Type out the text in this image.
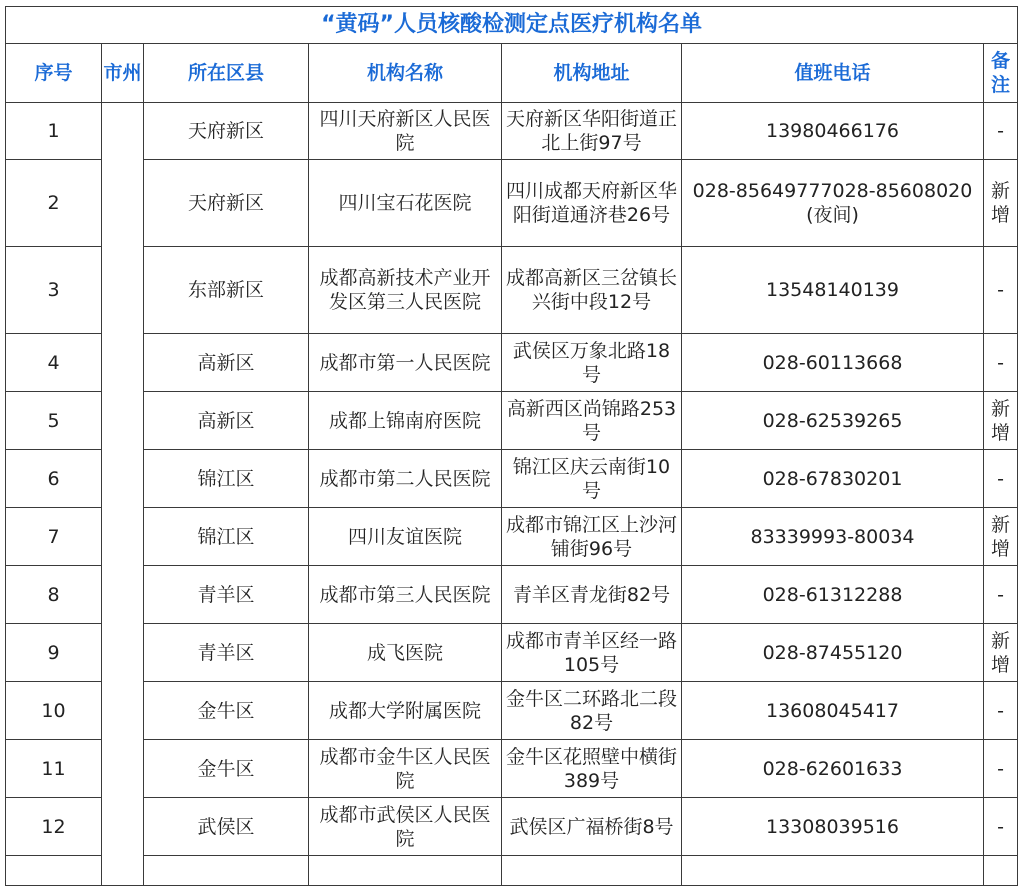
“黄码”人员核酸检测定点医疗机构名单						
序号	市州	所在区县	机构名称	机构地址	值班电话	备注
1		天府新区	四川天府新区人民医院	天府新区华阳街道正北上街97号	13980466176	-
2		天府新区	四川宝石花医院	四川成都天府新区华阳街道通济巷26号	028-85649777028-85608020(夜间)	新增
3		东部新区	成都高新技术产业开发区第三人民医院	成都高新区三岔镇长兴街中段12号	13548140139	-
4		高新区	成都市第一人民医院	武侯区万象北路18号	028-60113668	-
5		高新区	成都上锦南府医院	高新西区尚锦路253号	028-62539265	新增
6		锦江区	成都市第二人民医院	锦江区庆云南街10号	028-67830201	-
7		锦江区	四川友谊医院	成都市锦江区上沙河铺街96号	83339993-80034	新增
8		青羊区	成都市第三人民医院	青羊区青龙街82号	028-61312288	-
9		青羊区	成飞医院	成都市青羊区经一路105号	028-87455120	新增
10		金牛区	成都大学附属医院	金牛区二环路北二段82号	13608045417	-
11		金牛区	成都市金牛区人民医院	金牛区花照壁中横街389号	028-62601633	-
12		武侯区	成都市武侯区人民医院	武侯区广福桥街8号	13308039516	-
